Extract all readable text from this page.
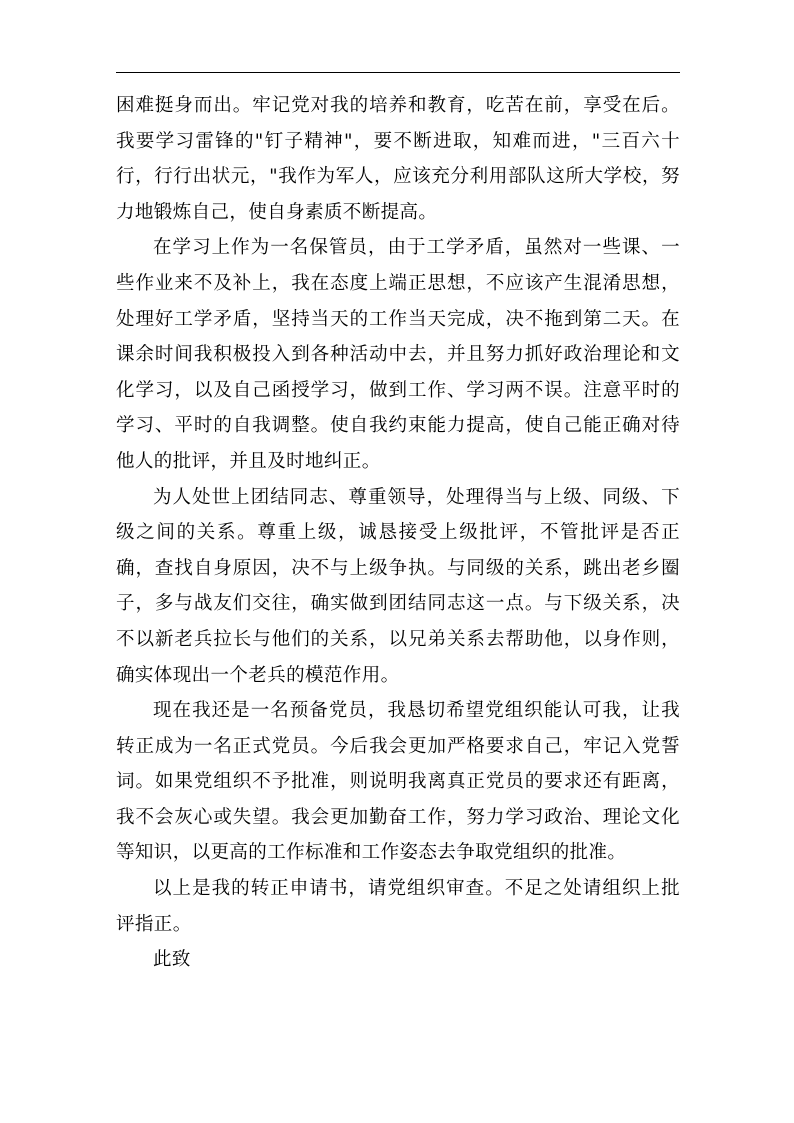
困难挺身而出。牢记党对我的培养和教育，吃苦在前，享受在后。我要学习雷锋的"钉子精神"，要不断进取，知难而进，"三百六十行，行行出状元，"我作为军人，应该充分利用部队这所大学校，努力地锻炼自己，使自身素质不断提高。

在学习上作为一名保管员，由于工学矛盾，虽然对一些课、一些作业来不及补上，我在态度上端正思想，不应该产生混淆思想，处理好工学矛盾，坚持当天的工作当天完成，决不拖到第二天。在课余时间我积极投入到各种活动中去，并且努力抓好政治理论和文化学习，以及自己函授学习，做到工作、学习两不误。注意平时的学习、平时的自我调整。使自我约束能力提高，使自己能正确对待他人的批评，并且及时地纠正。

为人处世上团结同志、尊重领导，处理得当与上级、同级、下级之间的关系。尊重上级，诚恳接受上级批评，不管批评是否正确，查找自身原因，决不与上级争执。与同级的关系，跳出老乡圈子，多与战友们交往，确实做到团结同志这一点。与下级关系，决不以新老兵拉长与他们的关系，以兄弟关系去帮助他，以身作则，确实体现出一个老兵的模范作用。

现在我还是一名预备党员，我恳切希望党组织能认可我，让我转正成为一名正式党员。今后我会更加严格要求自己，牢记入党誓词。如果党组织不予批准，则说明我离真正党员的要求还有距离，我不会灰心或失望。我会更加勤奋工作，努力学习政治、理论文化等知识，以更高的工作标准和工作姿态去争取党组织的批准。

以上是我的转正申请书，请党组织审查。不足之处请组织上批评指正。

此致
